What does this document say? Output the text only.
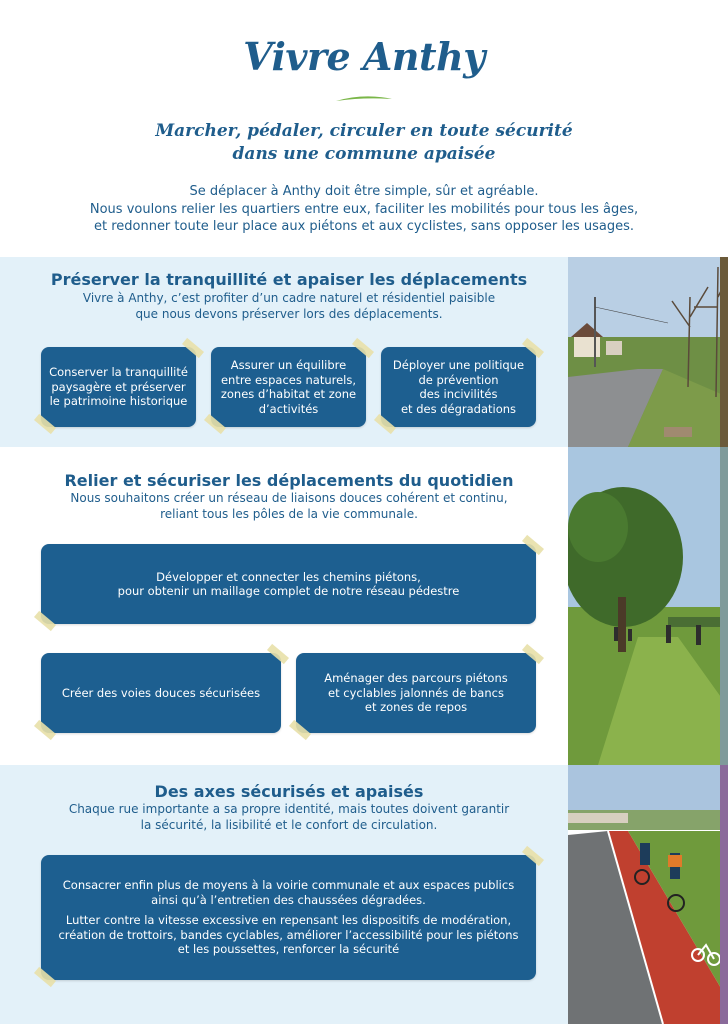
Vivre Anthy
Marcher, pédaler, circuler en toute sécurité
dans une commune apaisée
Se déplacer à Anthy doit être simple, sûr et agréable.
Nous voulons relier les quartiers entre eux, faciliter les mobilités pour tous les âges,
et redonner toute leur place aux piétons et aux cyclistes, sans opposer les usages.
Préserver la tranquillité et apaiser les déplacements
Vivre à Anthy, c’est profiter d’un cadre naturel et résidentiel paisible
que nous devons préserver lors des déplacements.
Conserver la tranquillité
paysagère et préserver
le patrimoine historique
Assurer un équilibre
entre espaces naturels,
zones d’habitat et zone
d’activités
Déployer une politique
de prévention
des incivilités
et des dégradations
Relier et sécuriser les déplacements du quotidien
Nous souhaitons créer un réseau de liaisons douces cohérent et continu,
reliant tous les pôles de la vie communale.
Développer et connecter les chemins piétons,
pour obtenir un maillage complet de notre réseau pédestre
Créer des voies douces sécurisées
Aménager des parcours piétons
et cyclables jalonnés de bancs
et zones de repos
Des axes sécurisés et apaisés
Chaque rue importante a sa propre identité, mais toutes doivent garantir
la sécurité, la lisibilité et le confort de circulation.

Consacrer enfin plus de moyens à la voirie communale et aux espaces publics
ainsi qu’à l’entretien des chaussées dégradées.

Lutter contre la vitesse excessive en repensant les dispositifs de modération,
création de trottoirs, bandes cyclables, améliorer l’accessibilité pour les piétons
et les poussettes, renforcer la sécurité
